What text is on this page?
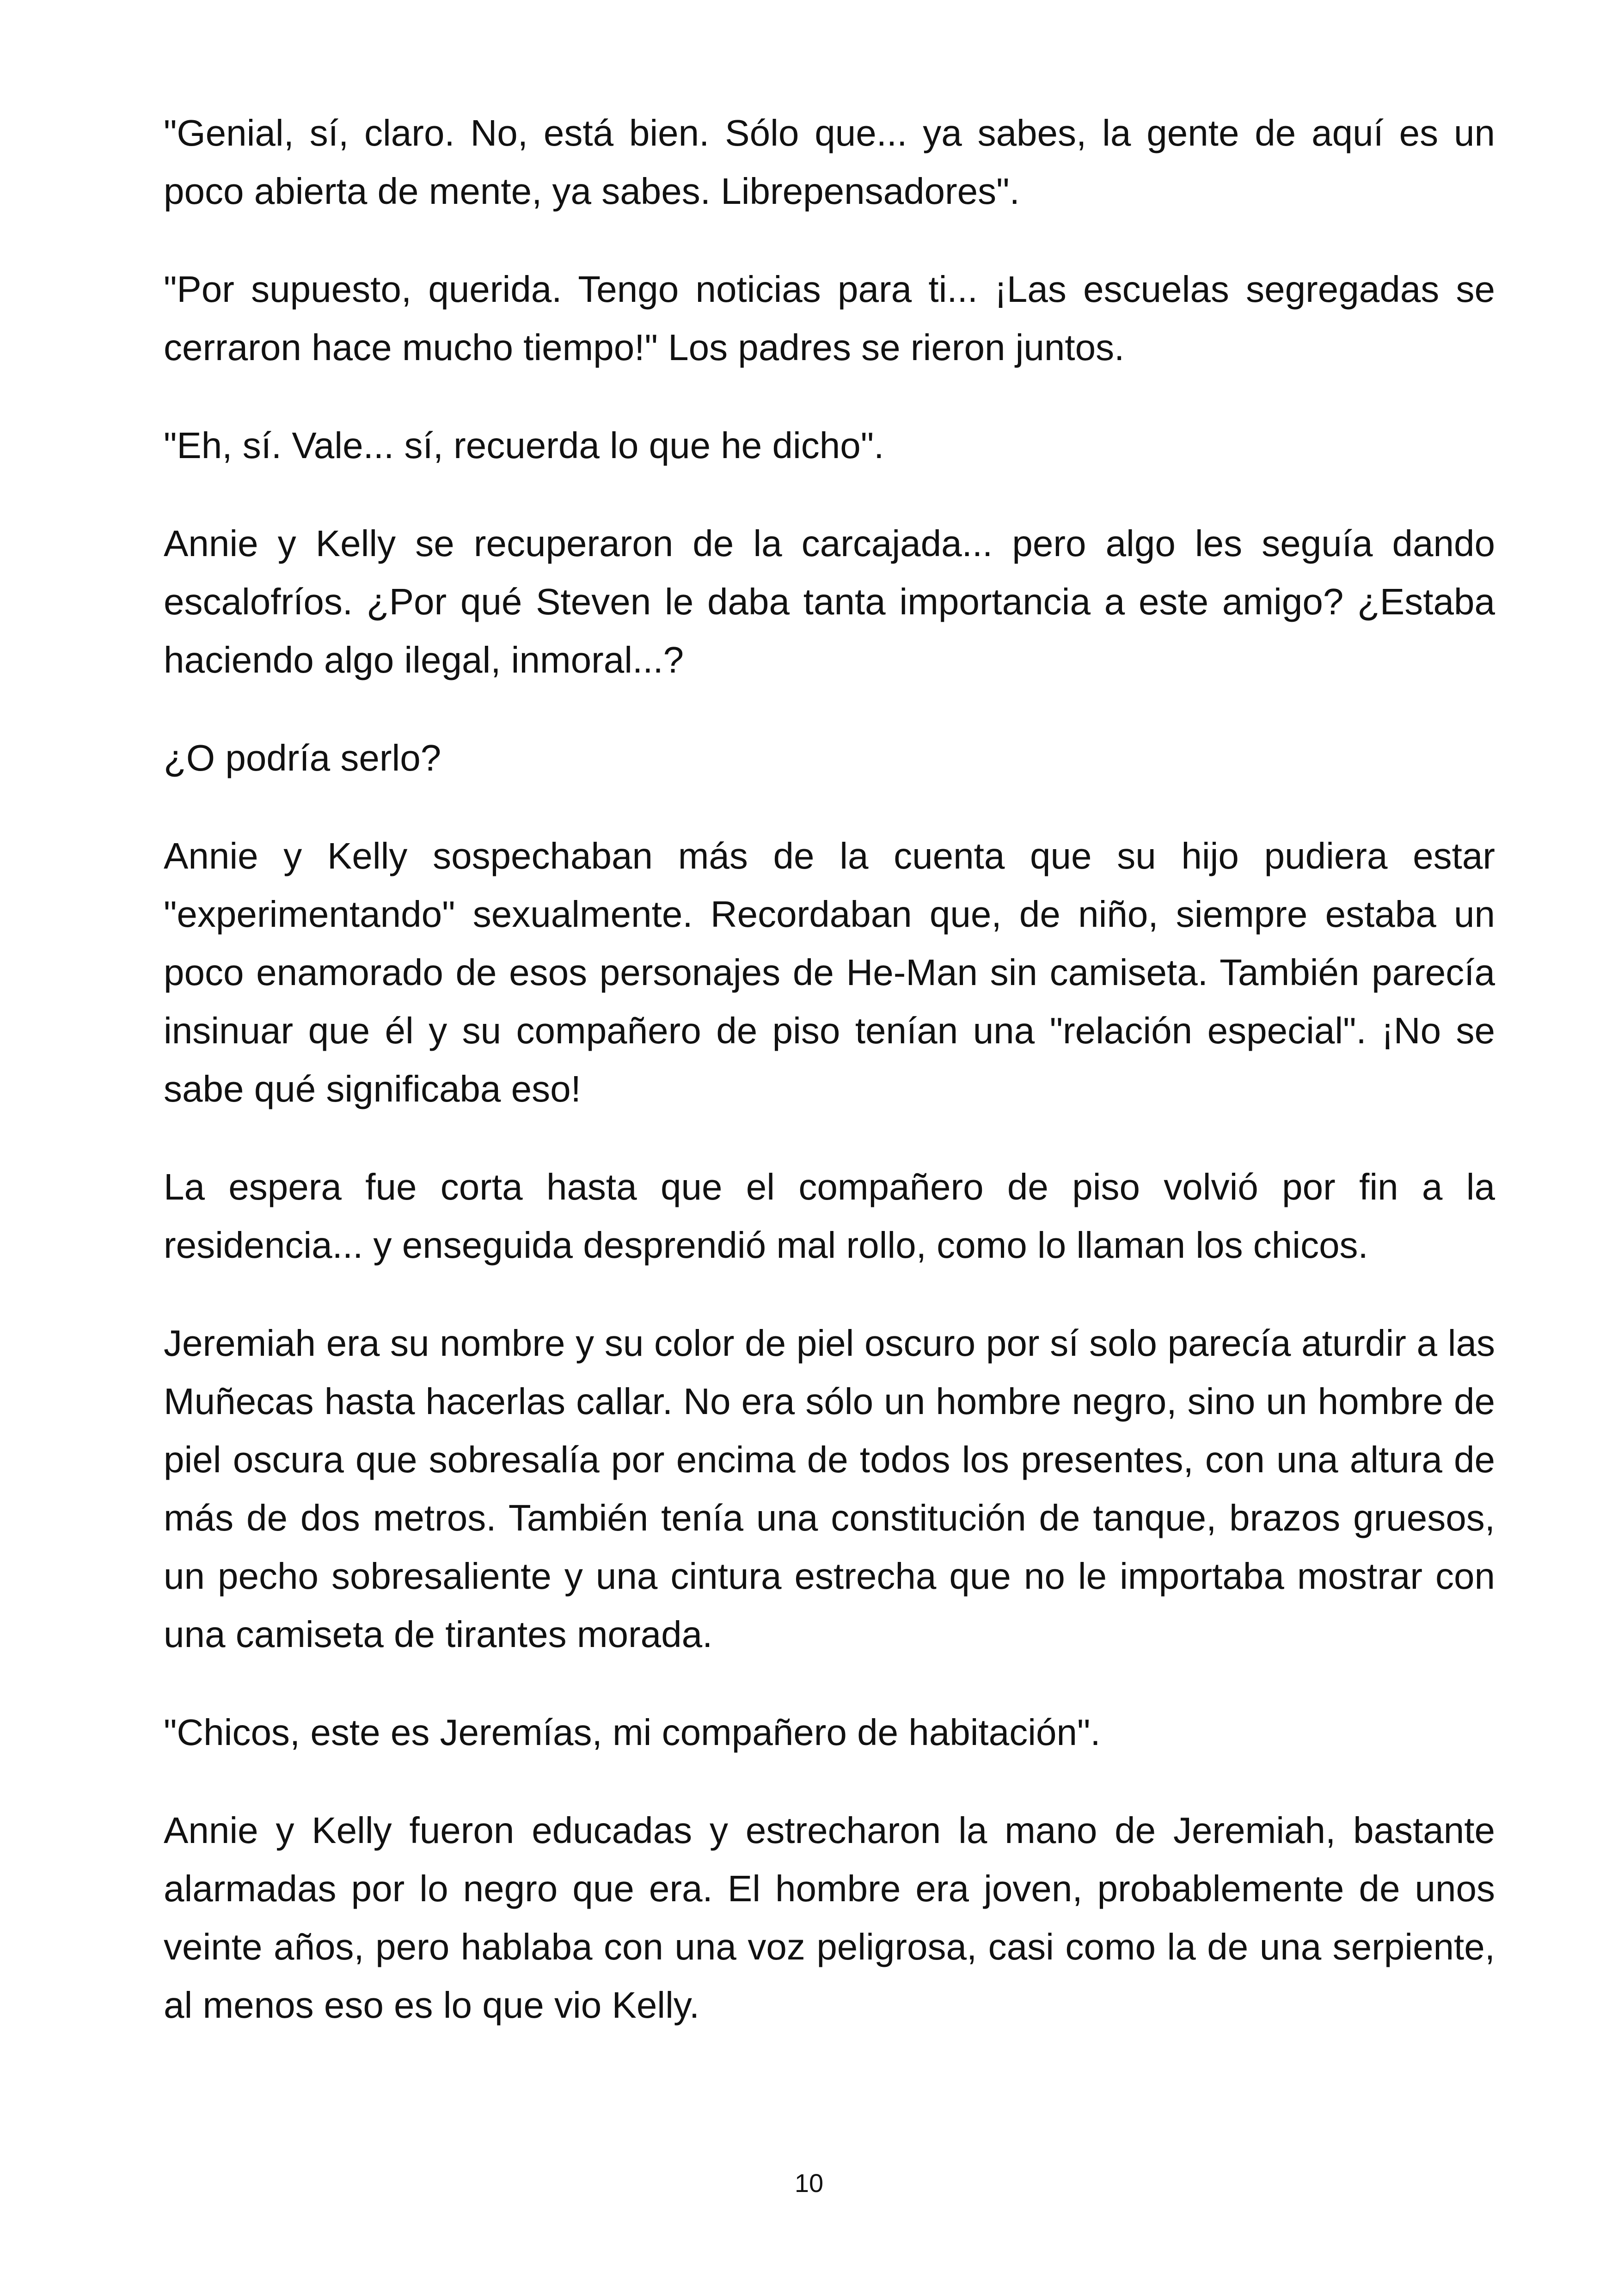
"Genial, sí, claro. No, está bien. Sólo que... ya sabes, la gente de aquí es un poco abierta de mente, ya sabes. Librepensadores".

"Por supuesto, querida. Tengo noticias para ti... ¡Las escuelas segregadas se cerraron hace mucho tiempo!" Los padres se rieron juntos.

"Eh, sí. Vale... sí, recuerda lo que he dicho".

Annie y Kelly se recuperaron de la carcajada... pero algo les seguía dando escalofríos. ¿Por qué Steven le daba tanta importancia a este amigo? ¿Estaba haciendo algo ilegal, inmoral...?

¿O podría serlo?

Annie y Kelly sospechaban más de la cuenta que su hijo pudiera estar "experimentando" sexualmente. Recordaban que, de niño, siempre estaba un poco enamorado de esos personajes de He-Man sin camiseta. También parecía insinuar que él y su compañero de piso tenían una "relación especial". ¡No se sabe qué significaba eso!

La espera fue corta hasta que el compañero de piso volvió por fin a la residencia... y enseguida desprendió mal rollo, como lo llaman los chicos.

Jeremiah era su nombre y su color de piel oscuro por sí solo parecía aturdir a las Muñecas hasta hacerlas callar. No era sólo un hombre negro, sino un hombre de piel oscura que sobresalía por encima de todos los presentes, con una altura de más de dos metros. También tenía una constitución de tanque, brazos gruesos, un pecho sobresaliente y una cintura estrecha que no le importaba mostrar con una camiseta de tirantes morada.

"Chicos, este es Jeremías, mi compañero de habitación".

Annie y Kelly fueron educadas y estrecharon la mano de Jeremiah, bastante alarmadas por lo negro que era. El hombre era joven, probablemente de unos veinte años, pero hablaba con una voz peligrosa, casi como la de una serpiente, al menos eso es lo que vio Kelly.

10
